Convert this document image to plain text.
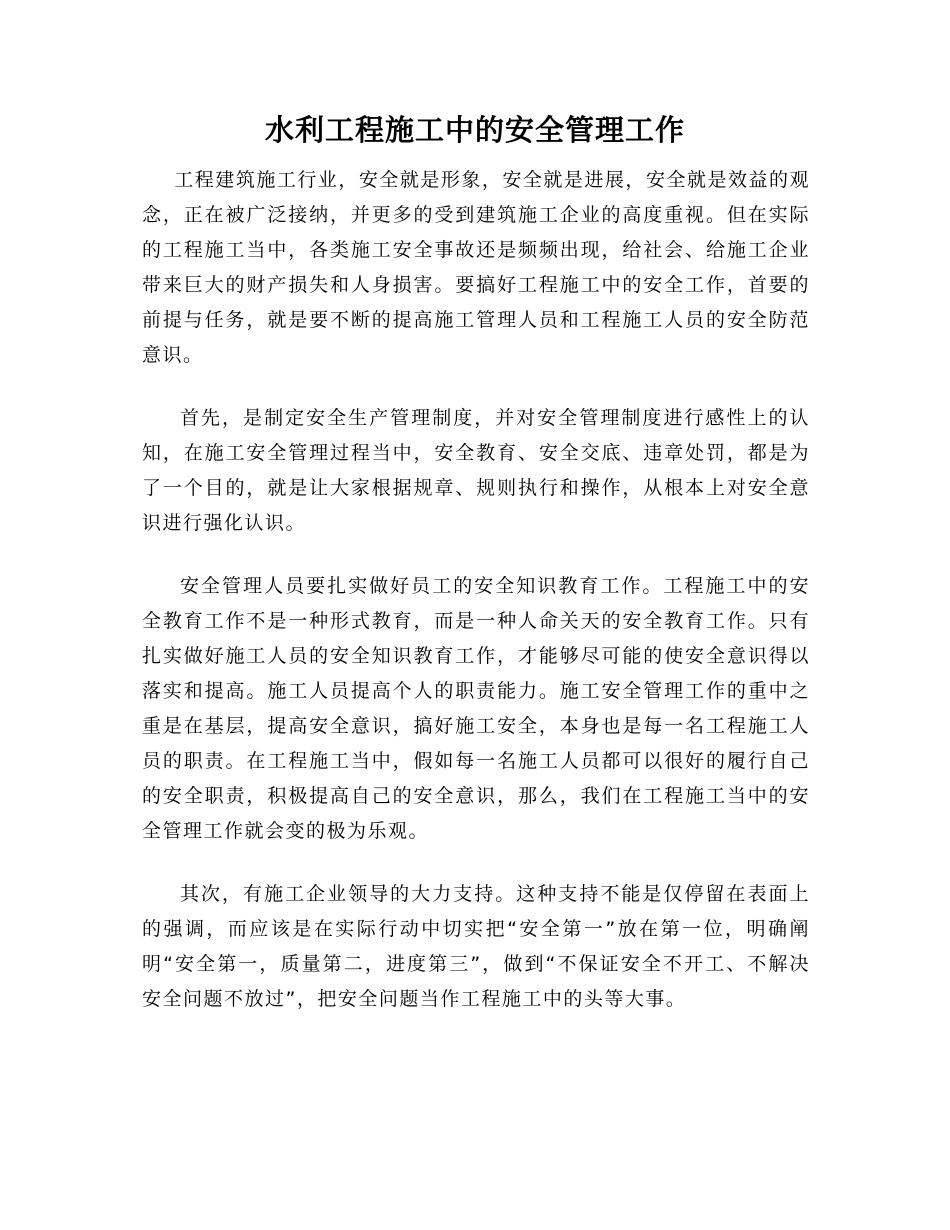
水利工程施工中的安全管理工作

工程建筑施工行业，安全就是形象，安全就是进展，安全就是效益的观念，正在被广泛接纳，并更多的受到建筑施工企业的高度重视。但在实际的工程施工当中，各类施工安全事故还是频频出现，给社会、给施工企业带来巨大的财产损失和人身损害。要搞好工程施工中的安全工作，首要的前提与任务，就是要不断的提高施工管理人员和工程施工人员的安全防范意识。

首先，是制定安全生产管理制度，并对安全管理制度进行感性上的认知，在施工安全管理过程当中，安全教育、安全交底、违章处罚，都是为了一个目的，就是让大家根据规章、规则执行和操作，从根本上对安全意识进行强化认识。

安全管理人员要扎实做好员工的安全知识教育工作。工程施工中的安全教育工作不是一种形式教育，而是一种人命关天的安全教育工作。只有扎实做好施工人员的安全知识教育工作，才能够尽可能的使安全意识得以落实和提高。施工人员提高个人的职责能力。施工安全管理工作的重中之重是在基层，提高安全意识，搞好施工安全，本身也是每一名工程施工人员的职责。在工程施工当中，假如每一名施工人员都可以很好的履行自己的安全职责，积极提高自己的安全意识，那么，我们在工程施工当中的安全管理工作就会变的极为乐观。

其次，有施工企业领导的大力支持。这种支持不能是仅停留在表面上的强调，而应该是在实际行动中切实把“安全第一”放在第一位，明确阐明“安全第一，质量第二，进度第三”，做到“不保证安全不开工、不解决安全问题不放过”，把安全问题当作工程施工中的头等大事。
